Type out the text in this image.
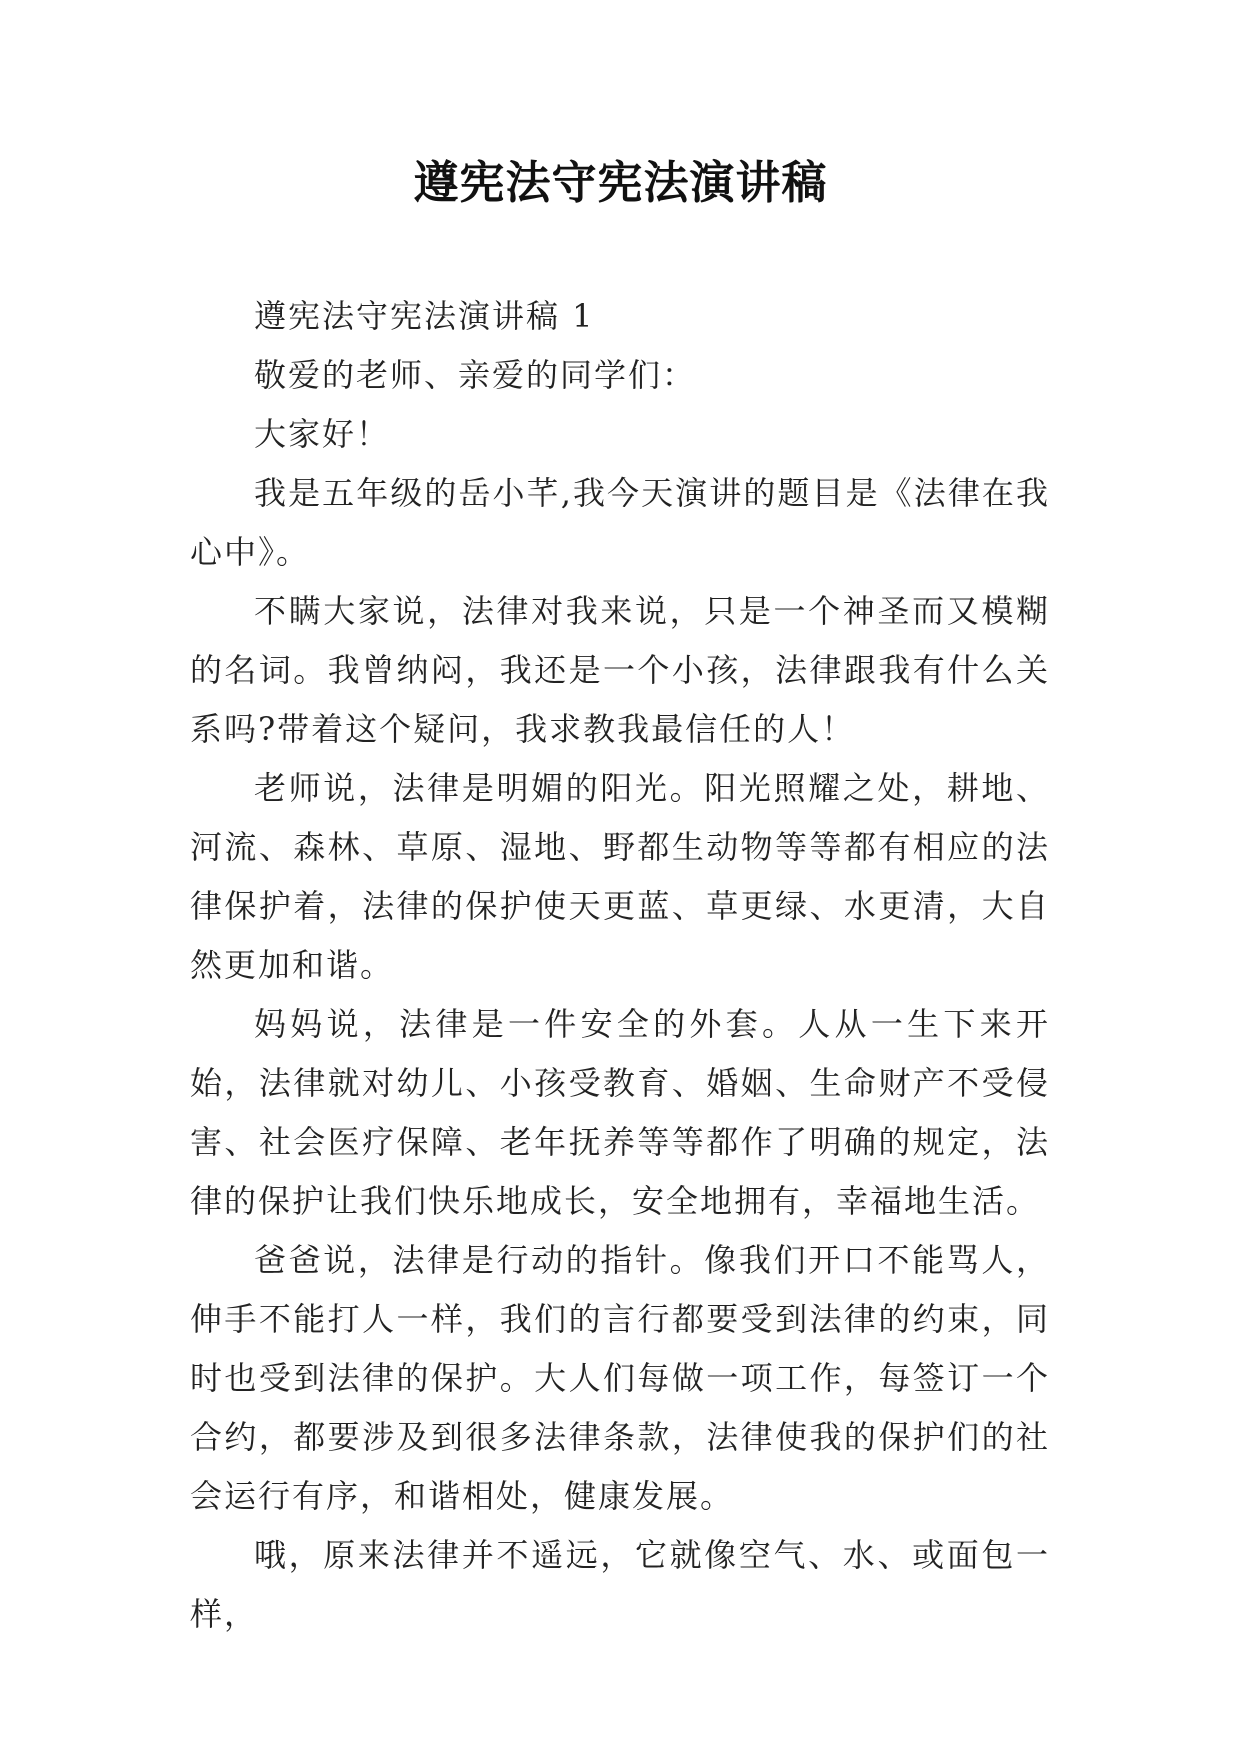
遵宪法守宪法演讲稿

遵宪法守宪法演讲稿 1

敬爱的老师、亲爱的同学们：

大家好！

我是五年级的岳小芊,我今天演讲的题目是《法律在我心中》。

不瞒大家说，法律对我来说，只是一个神圣而又模糊的名词。我曾纳闷，我还是一个小孩，法律跟我有什么关系吗?带着这个疑问，我求教我最信任的人！

老师说，法律是明媚的阳光。阳光照耀之处，耕地、河流、森林、草原、湿地、野都生动物等等都有相应的法律保护着，法律的保护使天更蓝、草更绿、水更清，大自然更加和谐。

妈妈说，法律是一件安全的外套。人从一生下来开始，法律就对幼儿、小孩受教育、婚姻、生命财产不受侵害、社会医疗保障、老年抚养等等都作了明确的规定，法律的保护让我们快乐地成长，安全地拥有，幸福地生活。

爸爸说，法律是行动的指针。像我们开口不能骂人，伸手不能打人一样，我们的言行都要受到法律的约束，同时也受到法律的保护。大人们每做一项工作，每签订一个合约，都要涉及到很多法律条款，法律使我的保护们的社会运行有序，和谐相处，健康发展。

哦，原来法律并不遥远，它就像空气、水、或面包一样，
